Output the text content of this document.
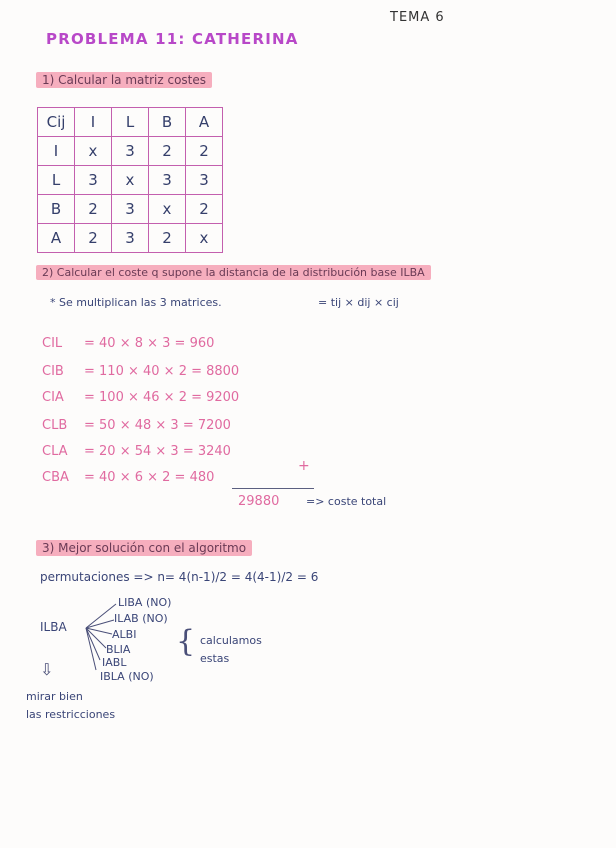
PROBLEMA 11: CATHERINA
TEMA 6
1) Calcular la matriz costes
Cij	I	L	B	A
I	x	3	2	2
L	3	x	3	3
B	2	3	x	2
A	2	3	2	x
2) Calcular el coste q supone la distancia de la distribución base ILBA
* Se multiplican las 3 matrices.	= tij × dij × cij
CIL = 40 × 8 × 3 = 960
CIB = 110 × 40 × 2 = 8800
CIA = 100 × 46 × 2 = 9200
CLB = 50 × 48 × 3 = 7200
CLA = 20 × 54 × 3 = 3240
CBA = 40 × 6 × 2 = 480
+
29880 => coste total
3) Mejor solución con el algoritmo
permutaciones => n= 4(n-1)/2 = 4(4-1)/2 = 6
ILBA
LIBA (NO)
ILAB (NO)
ALBI
BLIA
IABL
IBLA (NO)
{ calculamos
estas
⇩
mirar bien
las restricciones
